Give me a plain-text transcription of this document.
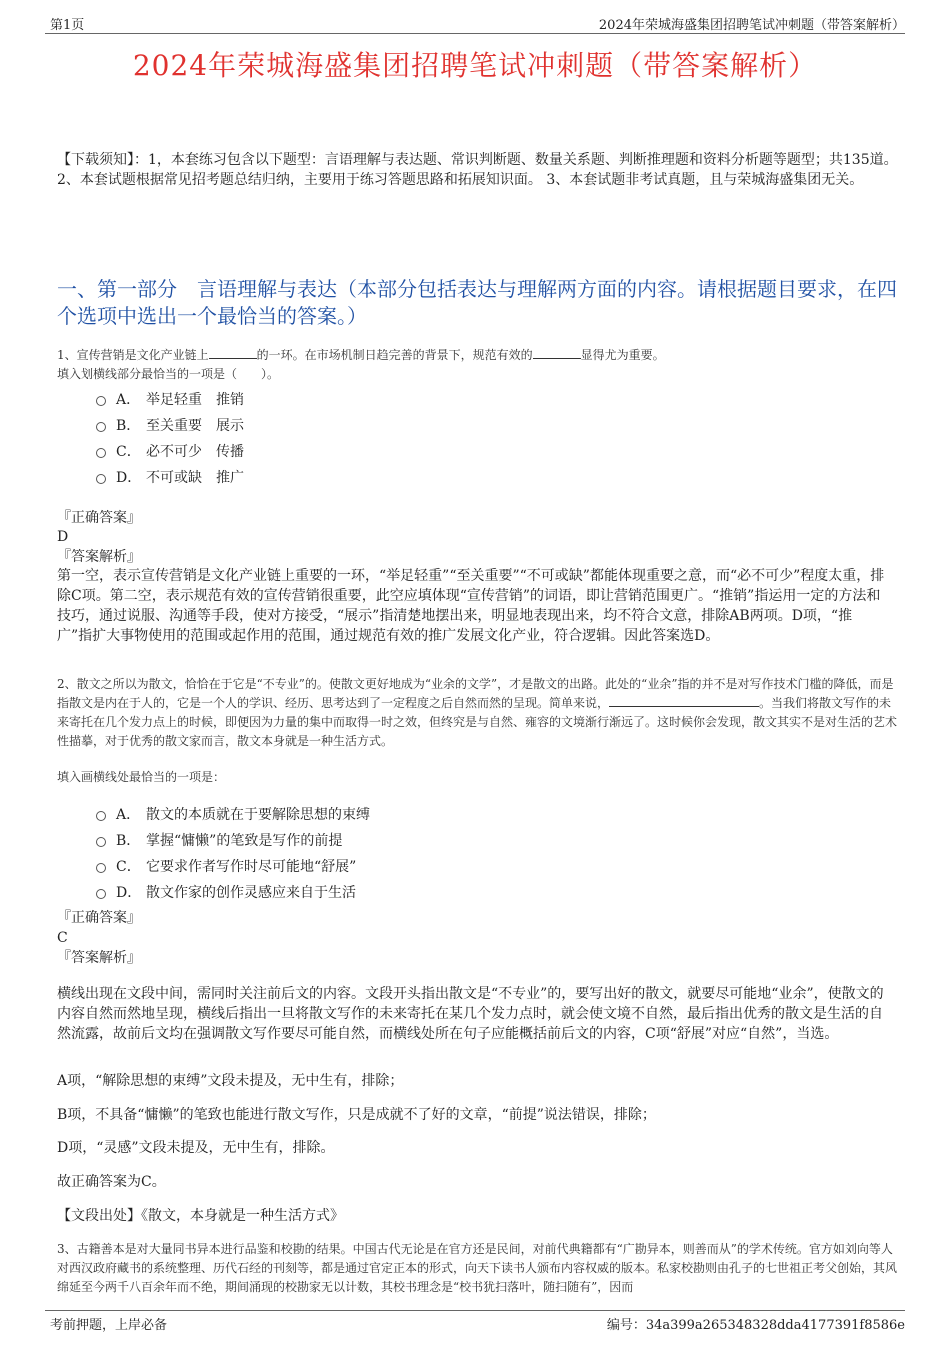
第1页	2024年荣城海盛集团招聘笔试冲刺题（带答案解析）
2024年荣城海盛集团招聘笔试冲刺题（带答案解析）
【下载须知】：1，本套练习包含以下题型：言语理解与表达题、常识判断题、数量关系题、判断推理题和资料分析题等题型；共135道。 2、本套试题根据常见招考题总结归纳，主要用于练习答题思路和拓展知识面。 3、本套试题非考试真题，且与荣城海盛集团无关。
一、第一部分　言语理解与表达（本部分包括表达与理解两方面的内容。请根据题目要求，在四个选项中选出一个最恰当的答案。）
1、宣传营销是文化产业链上	的一环。在市场机制日趋完善的背景下，规范有效的	显得尤为重要。
填入划横线部分最恰当的一项是（　　）。
A． 举足轻重　推销
B． 至关重要　展示
C． 必不可少　传播
D． 不可或缺　推广
『正确答案』
D
『答案解析』
第一空，表示宣传营销是文化产业链上重要的一环，“举足轻重”“至关重要”“不可或缺”都能体现重要之意，而“必不可少”程度太重，排除C项。第二空，表示规范有效的宣传营销很重要，此空应填体现“宣传营销”的词语，即让营销范围更广。“推销”指运用一定的方法和技巧，通过说服、沟通等手段，使对方接受，“展示”指清楚地摆出来，明显地表现出来，均不符合文意，排除AB两项。D项，“推广”指扩大事物使用的范围或起作用的范围，通过规范有效的推广发展文化产业，符合逻辑。因此答案选D。
2、散文之所以为散文，恰恰在于它是“不专业”的。使散文更好地成为“业余的文学”，才是散文的出路。此处的“业余”指的并不是对写作技术门槛的降低，而是指散文是内在于人的，它是一个人的学识、经历、思考达到了一定程度之后自然而然的呈现。简单来说，	。当我们将散文写作的未来寄托在几个发力点上的时候，即便因为力量的集中而取得一时之效，但终究是与自然、雍容的文境渐行渐远了。这时候你会发现，散文其实不是对生活的艺术性描摹，对于优秀的散文家而言，散文本身就是一种生活方式。
填入画横线处最恰当的一项是：
A． 散文的本质就在于要解除思想的束缚
B． 掌握“慵懒”的笔致是写作的前提
C． 它要求作者写作时尽可能地“舒展”
D． 散文作家的创作灵感应来自于生活
『正确答案』
C
『答案解析』
横线出现在文段中间，需同时关注前后文的内容。文段开头指出散文是“不专业”的，要写出好的散文，就要尽可能地“业余”，使散文的内容自然而然地呈现，横线后指出一旦将散文写作的未来寄托在某几个发力点时，就会使文境不自然，最后指出优秀的散文是生活的自然流露，故前后文均在强调散文写作要尽可能自然，而横线处所在句子应能概括前后文的内容，C项“舒展”对应“自然”，当选。
A项，“解除思想的束缚”文段未提及，无中生有，排除；
B项，不具备“慵懒”的笔致也能进行散文写作，只是成就不了好的文章，“前提”说法错误，排除；
D项，“灵感”文段未提及，无中生有，排除。
故正确答案为C。
【文段出处】《散文，本身就是一种生活方式》
3、古籍善本是对大量同书异本进行品鉴和校勘的结果。中国古代无论是在官方还是民间，对前代典籍都有“广勘异本，则善而从”的学术传统。官方如刘向等人对西汉政府藏书的系统整理、历代石经的刊刻等，都是通过官定正本的形式，向天下读书人颁布内容权威的版本。私家校勘则由孔子的七世祖正考父创始，其风绵延至今两千八百余年而不绝，期间涌现的校勘家无以计数，其校书理念是“校书犹扫落叶，随扫随有”，因而
考前押题，上岸必备	编号：34a399a265348328dda4177391f8586e
